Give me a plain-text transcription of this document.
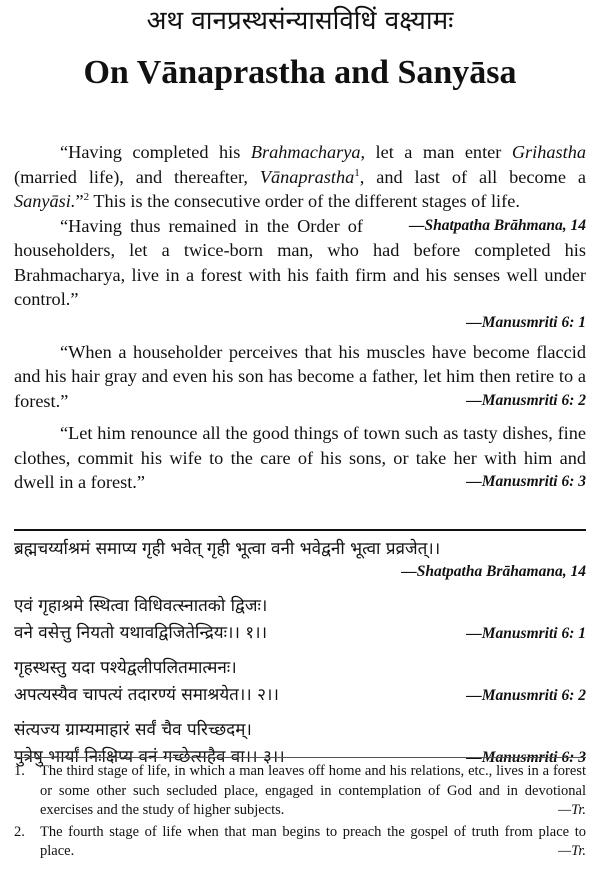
अथ वानप्रस्थसंन्यासविधिं वक्ष्यामः
On Vānaprastha and Sanyāsa

“Having completed his Brahmacharya, let a man enter Grihastha (married life), and thereafter, Vānaprastha$^1$, and last of all become a Sanyāsi.”$^2$ This is the consecutive order of the different stages of life.
—Shatpatha Brāhmana, 14

“Having thus remained in the Order of householders, let a twice-born man, who had before completed his Brahmacharya, live in a forest with his faith firm and his senses well under control.”

—Manusmriti 6: 1

“When a householder perceives that his muscles have become flaccid and his hair gray and even his son has become a father, let him then retire to a forest.”	—Manusmriti 6: 2

“Let him renounce all the good things of town such as tasty dishes, fine clothes, commit his wife to the care of his sons, or take her with him and dwell in a forest.”	—Manusmriti 6: 3

ब्रह्मचर्य्याश्रमं समाप्य गृही भवेत् गृही भूत्वा वनी भवेद्वनी भूत्वा प्रव्रजेत्।।
—Shatpatha Brāhamana, 14
एवं गृहाश्रमे स्थित्वा विधिवत्स्नातको द्विजः।
वने वसेत्तु नियतो यथावद्विजितेन्द्रियः।। १।।	—Manusmriti 6: 1
गृहस्थस्तु यदा पश्येद्वलीपलितमात्मनः।
अपत्यस्यैव चापत्यं तदारण्यं समाश्रयेत।। २।।	—Manusmriti 6: 2
संत्यज्य ग्राम्यमाहारं सर्वं चैव परिच्छदम्।
पुत्रेषु भार्यां निःक्षिप्य वनं गच्छेत्सहैव वा।। ३।।	—Manusmriti 6: 3
1.	The third stage of life, in which a man leaves off home and his relations, etc., lives in a forest or some other such secluded place, engaged in contemplation of God and in devotional exercises and the study of higher subjects.	—Tr.
2.	The fourth stage of life when that man begins to preach the gospel of truth from place to place.	—Tr.
